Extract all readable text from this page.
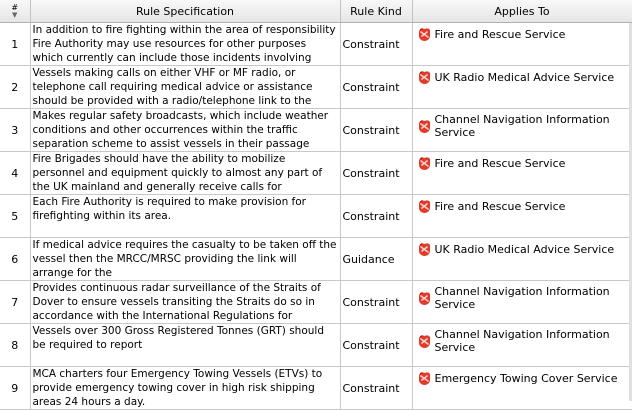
#
▼	Rule Specification	Rule Kind	Applies To
1	In addition to fire fighting within the area of responsibility Fire Authority may use resources for other purposes which currently can include those incidents involving	Constraint	Fire and Rescue Service

2	Vessels making calls on either VHF or MF radio, or telephone call requiring medical advice or assistance should be provided with a radio/telephone link to the	Constraint	UK Radio Medical Advice Service

3	Makes regular safety broadcasts, which include weather conditions and other occurrences within the traffic separation scheme to assist vessels in their passage	Constraint	Channel Navigation Information Service

4	Fire Brigades should have the ability to mobilize personnel and equipment quickly to almost any part of the UK mainland and generally receive calls for	Constraint	Fire and Rescue Service

5	Each Fire Authority is required to make provision for firefighting within its area.	Constraint	Fire and Rescue Service

6	If medical advice requires the casualty to be taken off the vessel then the MRCC/MRSC providing the link will arrange for the	Guidance	UK Radio Medical Advice Service

7	Provides continuous radar surveillance of the Straits of Dover to ensure vessels transiting the Straits do so in accordance with the International Regulations for	Constraint	Channel Navigation Information Service

8	Vessels over 300 Gross Registered Tonnes (GRT) should be required to report	Constraint	Channel Navigation Information Service

9	MCA charters four Emergency Towing Vessels (ETVs) to provide emergency towing cover in high risk shipping areas 24 hours a day.	Constraint	Emergency Towing Cover Service
